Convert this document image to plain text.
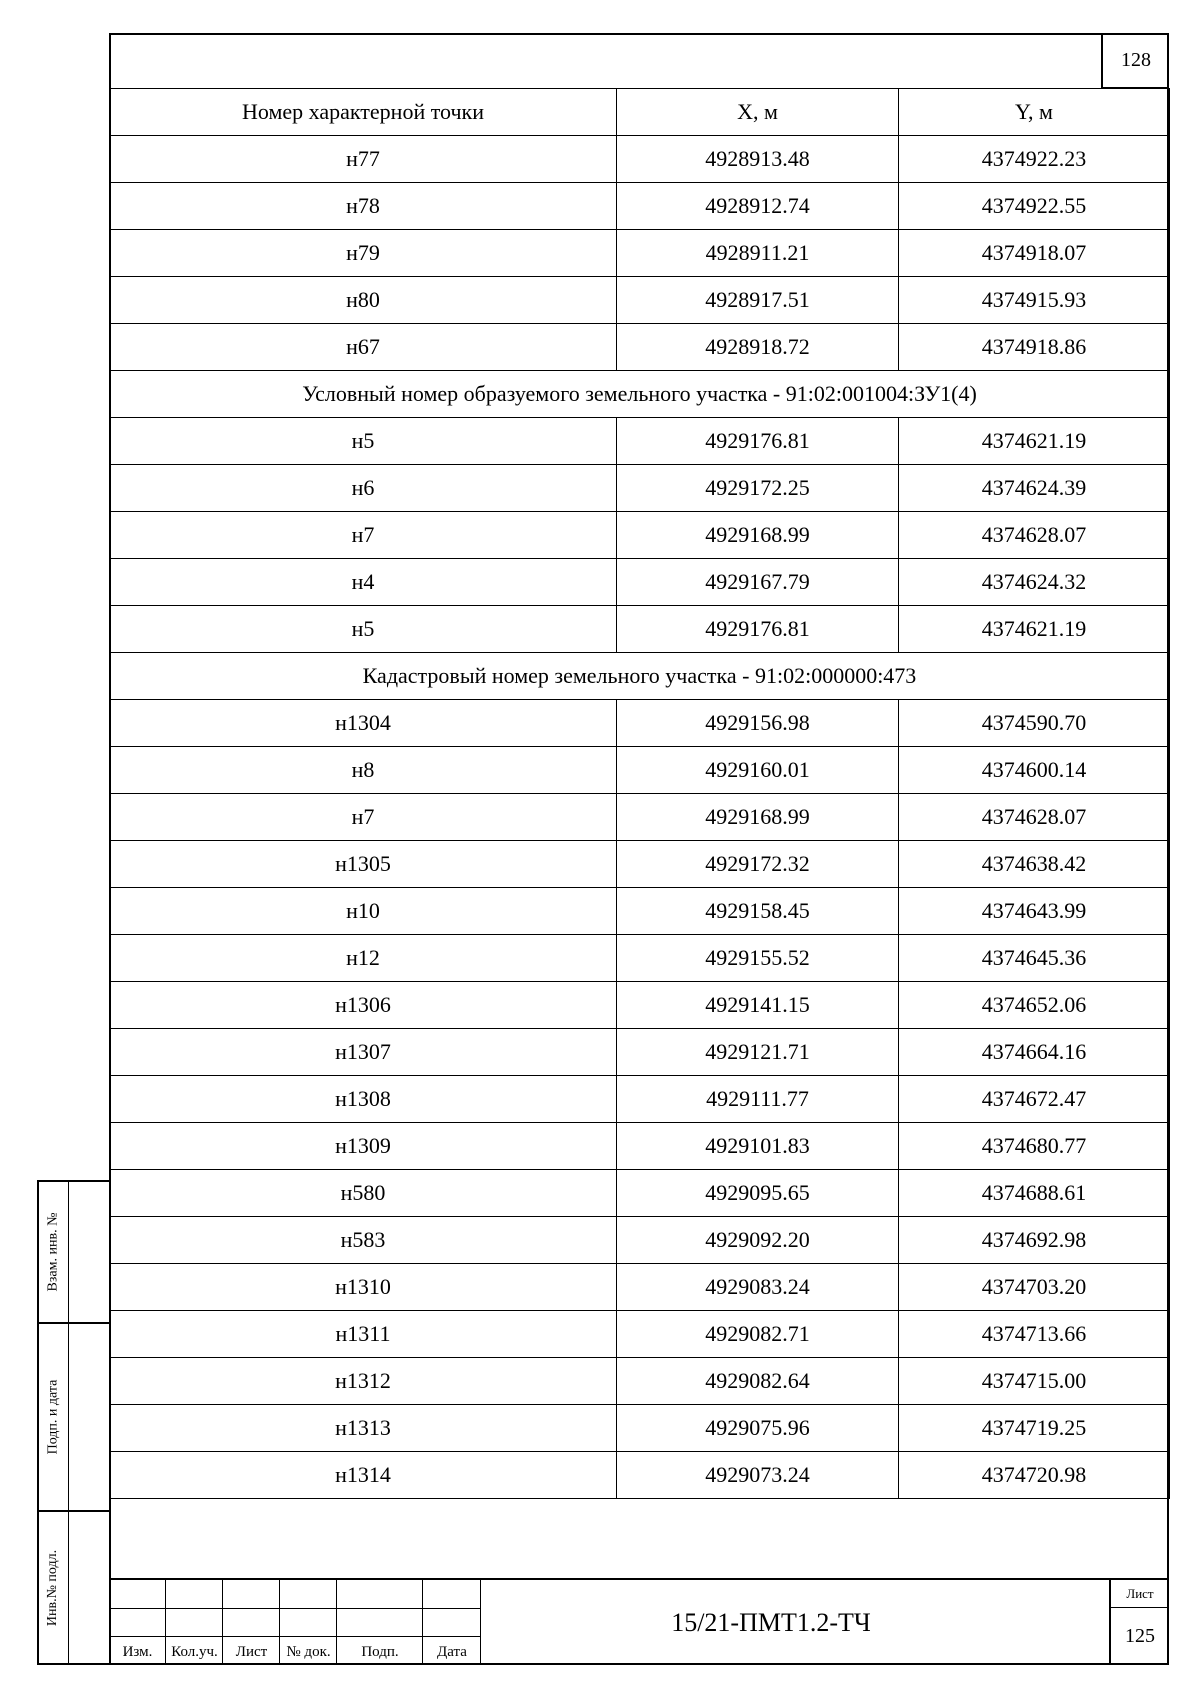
128
Номер характерной точки	X, м	Y, м
н77	4928913.48	4374922.23
н78	4928912.74	4374922.55
н79	4928911.21	4374918.07
н80	4928917.51	4374915.93
н67	4928918.72	4374918.86
Условный номер образуемого земельного участка - 91:02:001004:ЗУ1(4)		
н5	4929176.81	4374621.19
н6	4929172.25	4374624.39
н7	4929168.99	4374628.07
н4	4929167.79	4374624.32
н5	4929176.81	4374621.19
Кадастровый номер земельного участка - 91:02:000000:473		
н1304	4929156.98	4374590.70
н8	4929160.01	4374600.14
н7	4929168.99	4374628.07
н1305	4929172.32	4374638.42
н10	4929158.45	4374643.99
н12	4929155.52	4374645.36
н1306	4929141.15	4374652.06
н1307	4929121.71	4374664.16
н1308	4929111.77	4374672.47
н1309	4929101.83	4374680.77
н580	4929095.65	4374688.61
н583	4929092.20	4374692.98
н1310	4929083.24	4374703.20
н1311	4929082.71	4374713.66
н1312	4929082.64	4374715.00
н1313	4929075.96	4374719.25
н1314	4929073.24	4374720.98
Взам. инв. №
Подп. и дата
Инв.№ подл.
Изм.	Кол.уч.	Лист	№ док.	Подп.	Дата
15/21-ПМТ1.2-ТЧ
Лист
125
